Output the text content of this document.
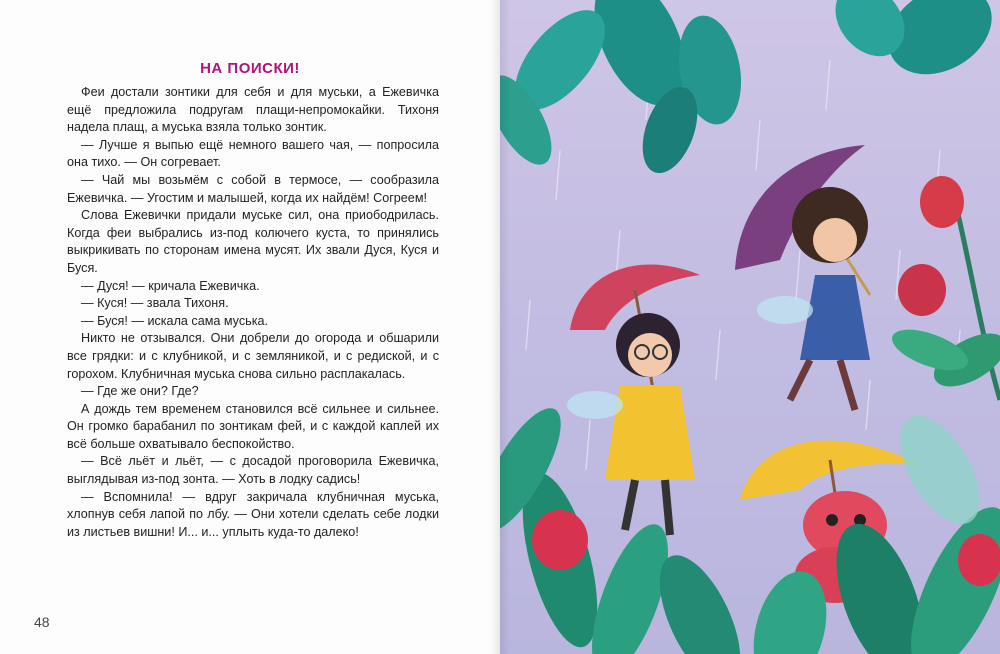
НА ПОИСКИ!

Феи достали зонтики для себя и для муськи, а Ежевичка ещё предложила подругам плащи-непромокайки. Тихоня надела плащ, а муська взяла только зонтик.

— Лучше я выпью ещё немного вашего чая, — попросила она тихо. — Он согревает.

— Чай мы возьмём с собой в термосе, — сообразила Ежевичка. — Угостим и малышей, когда их найдём! Согреем!

Слова Ежевички придали муське сил, она приободрилась. Когда феи выбрались из-под колючего куста, то принялись выкрикивать по сторонам имена мусят. Их звали Дуся, Куся и Буся.

— Дуся! — кричала Ежевичка.

— Куся! — звала Тихоня.

— Буся! — искала сама муська.

Никто не отзывался. Они добрели до огорода и обшарили все грядки: и с клубникой, и с земляникой, и с редиской, и с горохом. Клубничная муська снова сильно расплакалась.

— Где же они? Где?

А дождь тем временем становился всё сильнее и сильнее. Он громко барабанил по зонтикам фей, и с каждой каплей их всё больше охватывало беспокойство.

— Всё льёт и льёт, — с досадой проговорила Ежевичка, выглядывая из-под зонта. — Хоть в лодку садись!

— Вспомнила! — вдруг закричала клубничная муська, хлопнув себя лапой по лбу. — Они хотели сделать себе лодки из листьев вишни! И... и... уплыть куда-то далеко!

48
